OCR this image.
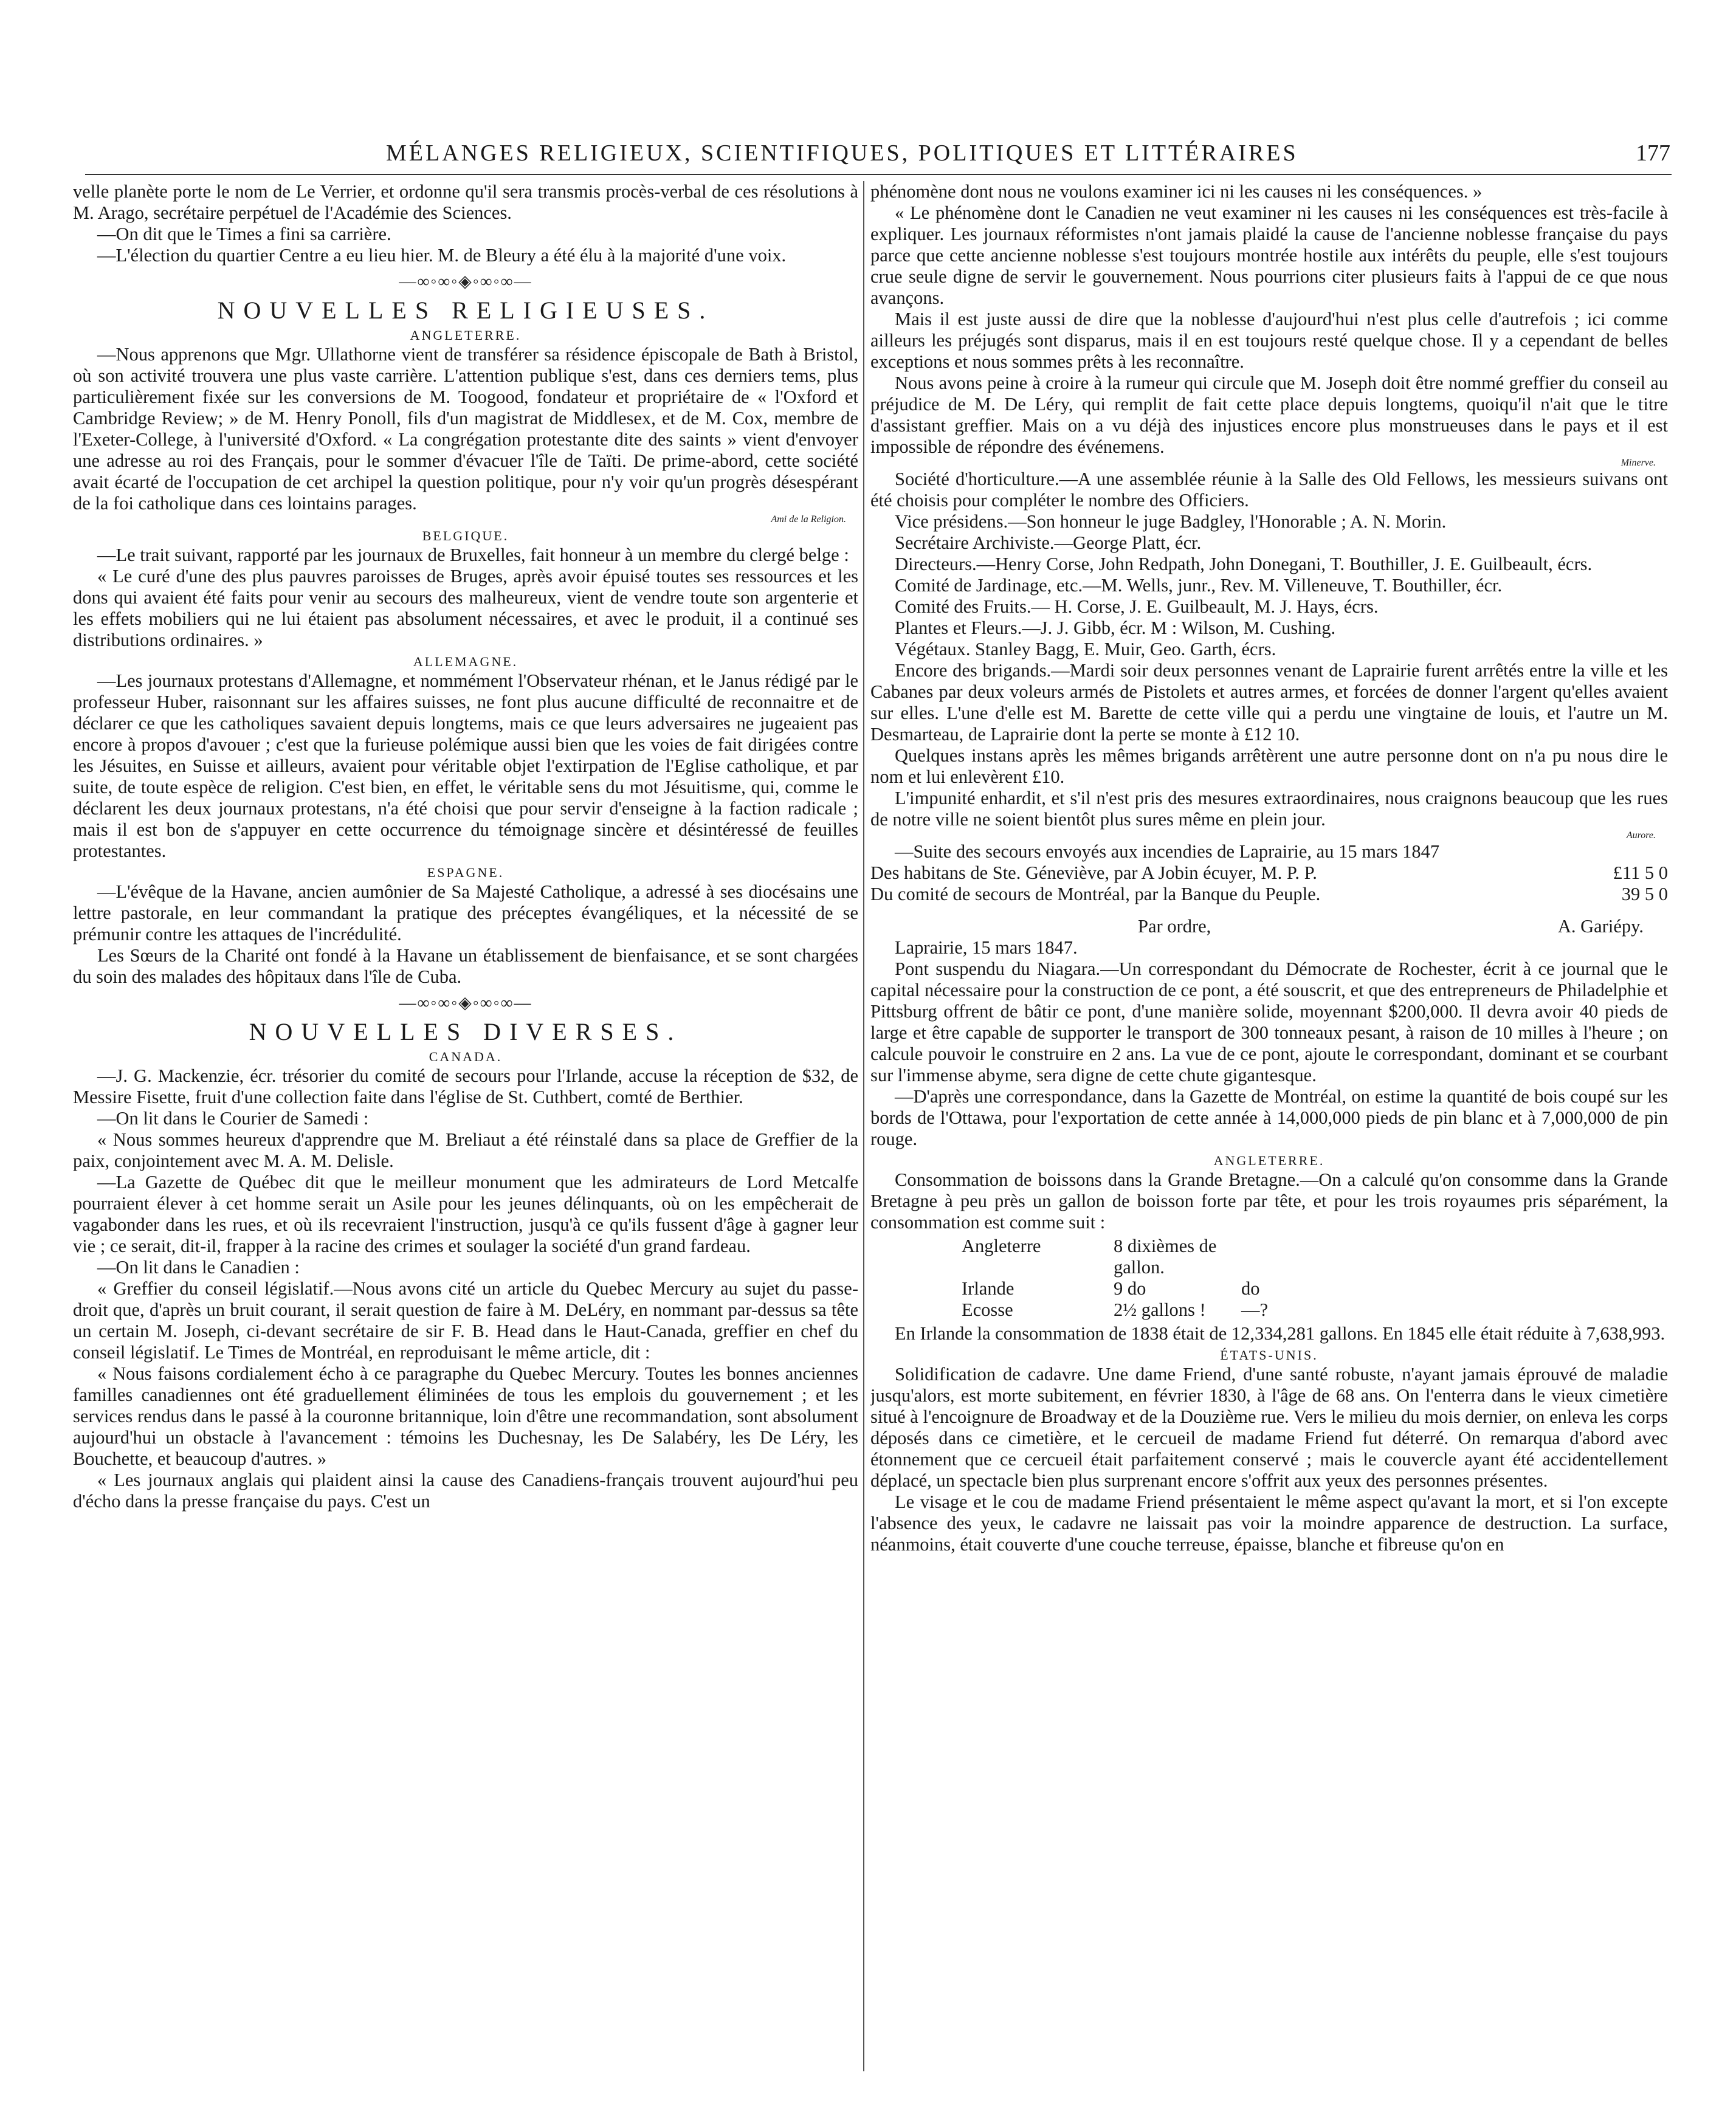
MÉLANGES RELIGIEUX, SCIENTIFIQUES, POLITIQUES ET LITTÉRAIRES	177

velle planète porte le nom de Le Verrier, et ordonne qu'il sera transmis procès-verbal de ces résolutions à M. Arago, secrétaire perpétuel de l'Académie des Sciences.

—On dit que le Times a fini sa carrière.

—L'élection du quartier Centre a eu lieu hier. M. de Bleury a été élu à la majorité d'une voix.

—∞◦∞◦◈◦∞◦∞—
NOUVELLES RELIGIEUSES.
ANGLETERRE.

—Nous apprenons que Mgr. Ullathorne vient de transférer sa résidence épiscopale de Bath à Bristol, où son activité trouvera une plus vaste carrière. L'attention publique s'est, dans ces derniers tems, plus particulièrement fixée sur les conversions de M. Toogood, fondateur et propriétaire de « l'Oxford et Cambridge Review; » de M. Henry Ponoll, fils d'un magistrat de Middlesex, et de M. Cox, membre de l'Exeter-College, à l'université d'Oxford. « La congrégation protestante dite des saints » vient d'envoyer une adresse au roi des Français, pour le sommer d'évacuer l'île de Taïti. De prime-abord, cette société avait écarté de l'occupation de cet archipel la question politique, pour n'y voir qu'un progrès désespérant de la foi catholique dans ces lointains parages.

Ami de la Religion.
BELGIQUE.

—Le trait suivant, rapporté par les journaux de Bruxelles, fait honneur à un membre du clergé belge :

« Le curé d'une des plus pauvres paroisses de Bruges, après avoir épuisé toutes ses ressources et les dons qui avaient été faits pour venir au secours des malheureux, vient de vendre toute son argenterie et les effets mobiliers qui ne lui étaient pas absolument nécessaires, et avec le produit, il a continué ses distributions ordinaires. »

ALLEMAGNE.

—Les journaux protestans d'Allemagne, et nommément l'Observateur rhénan, et le Janus rédigé par le professeur Huber, raisonnant sur les affaires suisses, ne font plus aucune difficulté de reconnaitre et de déclarer ce que les catholiques savaient depuis longtems, mais ce que leurs adversaires ne jugeaient pas encore à propos d'avouer ; c'est que la furieuse polémique aussi bien que les voies de fait dirigées contre les Jésuites, en Suisse et ailleurs, avaient pour véritable objet l'extirpation de l'Eglise catholique, et par suite, de toute espèce de religion. C'est bien, en effet, le véritable sens du mot Jésuitisme, qui, comme le déclarent les deux journaux protestans, n'a été choisi que pour servir d'enseigne à la faction radicale ; mais il est bon de s'appuyer en cette occurrence du témoignage sincère et désintéressé de feuilles protestantes.

ESPAGNE.

—L'évêque de la Havane, ancien aumônier de Sa Majesté Catholique, a adressé à ses diocésains une lettre pastorale, en leur commandant la pratique des préceptes évangéliques, et la nécessité de se prémunir contre les attaques de l'incrédulité.

Les Sœurs de la Charité ont fondé à la Havane un établissement de bienfaisance, et se sont chargées du soin des malades des hôpitaux dans l'île de Cuba.

—∞◦∞◦◈◦∞◦∞—
NOUVELLES DIVERSES.
CANADA.

—J. G. Mackenzie, écr. trésorier du comité de secours pour l'Irlande, accuse la réception de $32, de Messire Fisette, fruit d'une collection faite dans l'église de St. Cuthbert, comté de Berthier.

—On lit dans le Courier de Samedi :

« Nous sommes heureux d'apprendre que M. Breliaut a été réinstalé dans sa place de Greffier de la paix, conjointement avec M. A. M. Delisle.

—La Gazette de Québec dit que le meilleur monument que les admirateurs de Lord Metcalfe pourraient élever à cet homme serait un Asile pour les jeunes délinquants, où on les empêcherait de vagabonder dans les rues, et où ils recevraient l'instruction, jusqu'à ce qu'ils fussent d'âge à gagner leur vie ; ce serait, dit-il, frapper à la racine des crimes et soulager la société d'un grand fardeau.

—On lit dans le Canadien :

« Greffier du conseil législatif.—Nous avons cité un article du Quebec Mercury au sujet du passe-droit que, d'après un bruit courant, il serait question de faire à M. DeLéry, en nommant par-dessus sa tête un certain M. Joseph, ci-devant secrétaire de sir F. B. Head dans le Haut-Canada, greffier en chef du conseil législatif. Le Times de Montréal, en reproduisant le même article, dit :

« Nous faisons cordialement écho à ce paragraphe du Quebec Mercury. Toutes les bonnes anciennes familles canadiennes ont été graduellement éliminées de tous les emplois du gouvernement ; et les services rendus dans le passé à la couronne britannique, loin d'être une recommandation, sont absolument aujourd'hui un obstacle à l'avancement : témoins les Duchesnay, les De Salabéry, les De Léry, les Bouchette, et beaucoup d'autres. »

« Les journaux anglais qui plaident ainsi la cause des Canadiens-français trouvent aujourd'hui peu d'écho dans la presse française du pays. C'est un

phénomène dont nous ne voulons examiner ici ni les causes ni les conséquences. »

« Le phénomène dont le Canadien ne veut examiner ni les causes ni les conséquences est très-facile à expliquer. Les journaux réformistes n'ont jamais plaidé la cause de l'ancienne noblesse française du pays parce que cette ancienne noblesse s'est toujours montrée hostile aux intérêts du peuple, elle s'est toujours crue seule digne de servir le gouvernement. Nous pourrions citer plusieurs faits à l'appui de ce que nous avançons.

Mais il est juste aussi de dire que la noblesse d'aujourd'hui n'est plus celle d'autrefois ; ici comme ailleurs les préjugés sont disparus, mais il en est toujours resté quelque chose. Il y a cependant de belles exceptions et nous sommes prêts à les reconnaître.

Nous avons peine à croire à la rumeur qui circule que M. Joseph doit être nommé greffier du conseil au préjudice de M. De Léry, qui remplit de fait cette place depuis longtems, quoiqu'il n'ait que le titre d'assistant greffier. Mais on a vu déjà des injustices encore plus monstrueuses dans le pays et il est impossible de répondre des événemens.

Minerve.

Société d'horticulture.—A une assemblée réunie à la Salle des Old Fellows, les messieurs suivans ont été choisis pour compléter le nombre des Officiers.

Vice présidens.—Son honneur le juge Badgley, l'Honorable ; A. N. Morin.

Secrétaire Archiviste.—George Platt, écr.

Directeurs.—Henry Corse, John Redpath, John Donegani, T. Bouthiller, J. E. Guilbeault, écrs.

Comité de Jardinage, etc.—M. Wells, junr., Rev. M. Villeneuve, T. Bouthiller, écr.

Comité des Fruits.— H. Corse, J. E. Guilbeault, M. J. Hays, écrs.

Plantes et Fleurs.—J. J. Gibb, écr. M : Wilson, M. Cushing.

Végétaux. Stanley Bagg, E. Muir, Geo. Garth, écrs.

Encore des brigands.—Mardi soir deux personnes venant de Laprairie furent arrêtés entre la ville et les Cabanes par deux voleurs armés de Pistolets et autres armes, et forcées de donner l'argent qu'elles avaient sur elles. L'une d'elle est M. Barette de cette ville qui a perdu une vingtaine de louis, et l'autre un M. Desmarteau, de Laprairie dont la perte se monte à £12 10.

Quelques instans après les mêmes brigands arrêtèrent une autre personne dont on n'a pu nous dire le nom et lui enlevèrent £10.

L'impunité enhardit, et s'il n'est pris des mesures extraordinaires, nous craignons beaucoup que les rues de notre ville ne soient bientôt plus sures même en plein jour.

Aurore.

—Suite des secours envoyés aux incendies de Laprairie, au 15 mars 1847

Des habitans de Ste. Géneviève, par A Jobin écuyer, M. P. P.	£11 5 0
Du comité de secours de Montréal, par la Banque du Peuple.	39 5 0
Par ordre,	A. Gariépy.

Laprairie, 15 mars 1847.

Pont suspendu du Niagara.—Un correspondant du Démocrate de Rochester, écrit à ce journal que le capital nécessaire pour la construction de ce pont, a été souscrit, et que des entrepreneurs de Philadelphie et Pittsburg offrent de bâtir ce pont, d'une manière solide, moyennant $200,000. Il devra avoir 40 pieds de large et être capable de supporter le transport de 300 tonneaux pesant, à raison de 10 milles à l'heure ; on calcule pouvoir le construire en 2 ans. La vue de ce pont, ajoute le correspondant, dominant et se courbant sur l'immense abyme, sera digne de cette chute gigantesque.

—D'après une correspondance, dans la Gazette de Montréal, on estime la quantité de bois coupé sur les bords de l'Ottawa, pour l'exportation de cette année à 14,000,000 pieds de pin blanc et à 7,000,000 de pin rouge.

ANGLETERRE.

Consommation de boissons dans la Grande Bretagne.—On a calculé qu'on consomme dans la Grande Bretagne à peu près un gallon de boisson forte par tête, et pour les trois royaumes pris séparément, la consommation est comme suit :

Angleterre	8 dixièmes de gallon.
Irlande	9 do	do
Ecosse	2½ gallons !	—?

En Irlande la consommation de 1838 était de 12,334,281 gallons. En 1845 elle était réduite à 7,638,993.

ÉTATS-UNIS.

Solidification de cadavre. Une dame Friend, d'une santé robuste, n'ayant jamais éprouvé de maladie jusqu'alors, est morte subitement, en février 1830, à l'âge de 68 ans. On l'enterra dans le vieux cimetière situé à l'encoignure de Broadway et de la Douzième rue. Vers le milieu du mois dernier, on enleva les corps déposés dans ce cimetière, et le cercueil de madame Friend fut déterré. On remarqua d'abord avec étonnement que ce cercueil était parfaitement conservé ; mais le couvercle ayant été accidentellement déplacé, un spectacle bien plus surprenant encore s'offrit aux yeux des personnes présentes.

Le visage et le cou de madame Friend présentaient le même aspect qu'avant la mort, et si l'on excepte l'absence des yeux, le cadavre ne laissait pas voir la moindre apparence de destruction. La surface, néanmoins, était couverte d'une couche terreuse, épaisse, blanche et fibreuse qu'on en
